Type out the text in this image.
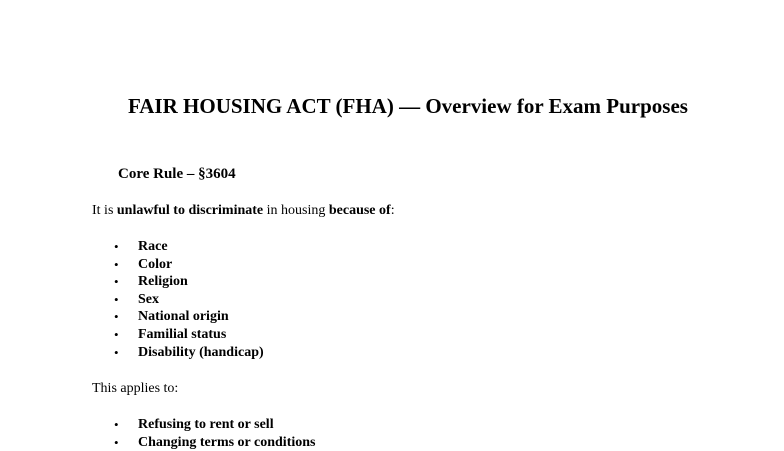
FAIR HOUSING ACT (FHA) — Overview for Exam Purposes
Core Rule – §3604

It is unlawful to discriminate in housing because of:

• Race
• Color
• Religion
• Sex
• National origin
• Familial status
• Disability (handicap)

This applies to:

• Refusing to rent or sell
• Changing terms or conditions
